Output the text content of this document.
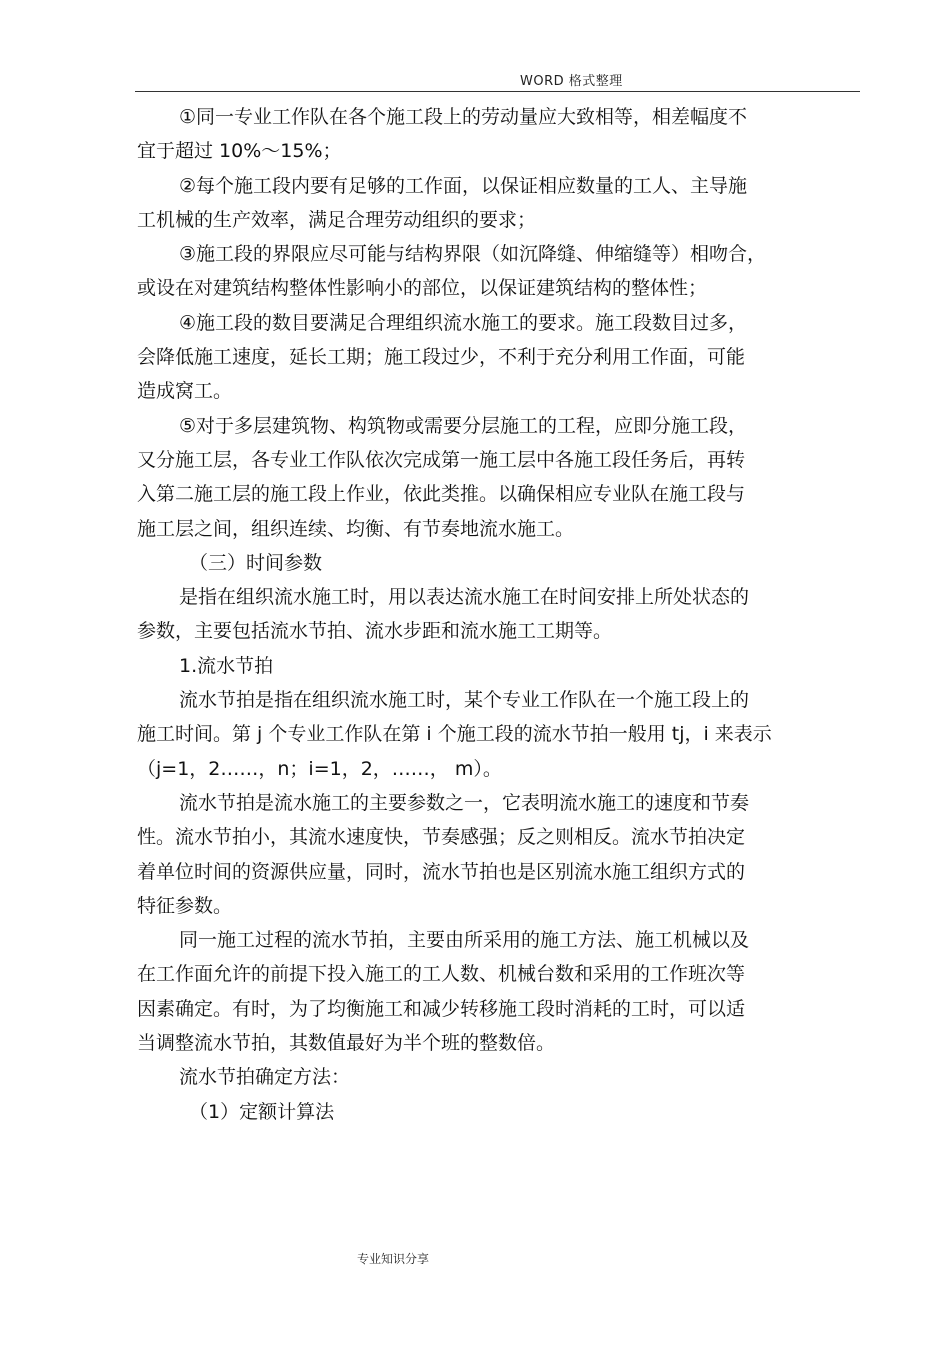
WORD 格式整理
①同一专业工作队在各个施工段上的劳动量应大致相等，相差幅度不
宜于超过 10%～15%；
②每个施工段内要有足够的工作面，以保证相应数量的工人、主导施
工机械的生产效率，满足合理劳动组织的要求；
③施工段的界限应尽可能与结构界限（如沉降缝、伸缩缝等）相吻合，
或设在对建筑结构整体性影响小的部位，以保证建筑结构的整体性；
④施工段的数目要满足合理组织流水施工的要求。施工段数目过多，
会降低施工速度，延长工期；施工段过少，不利于充分利用工作面，可能
造成窝工。
⑤对于多层建筑物、构筑物或需要分层施工的工程，应即分施工段，
又分施工层，各专业工作队依次完成第一施工层中各施工段任务后，再转
入第二施工层的施工段上作业，依此类推。以确保相应专业队在施工段与
施工层之间，组织连续、均衡、有节奏地流水施工。
（三）时间参数
是指在组织流水施工时，用以表达流水施工在时间安排上所处状态的
参数，主要包括流水节拍、流水步距和流水施工工期等。
1.流水节拍
流水节拍是指在组织流水施工时，某个专业工作队在一个施工段上的
施工时间。第 j 个专业工作队在第 i 个施工段的流水节拍一般用 tj，i 来表示
（j=1，2……，n；i=1，2，……， m）。
流水节拍是流水施工的主要参数之一，它表明流水施工的速度和节奏
性。流水节拍小，其流水速度快，节奏感强；反之则相反。流水节拍决定
着单位时间的资源供应量，同时，流水节拍也是区别流水施工组织方式的
特征参数。
同一施工过程的流水节拍，主要由所采用的施工方法、施工机械以及
在工作面允许的前提下投入施工的工人数、机械台数和采用的工作班次等
因素确定。有时，为了均衡施工和减少转移施工段时消耗的工时，可以适
当调整流水节拍，其数值最好为半个班的整数倍。
流水节拍确定方法：
（1）定额计算法
专业知识分享
